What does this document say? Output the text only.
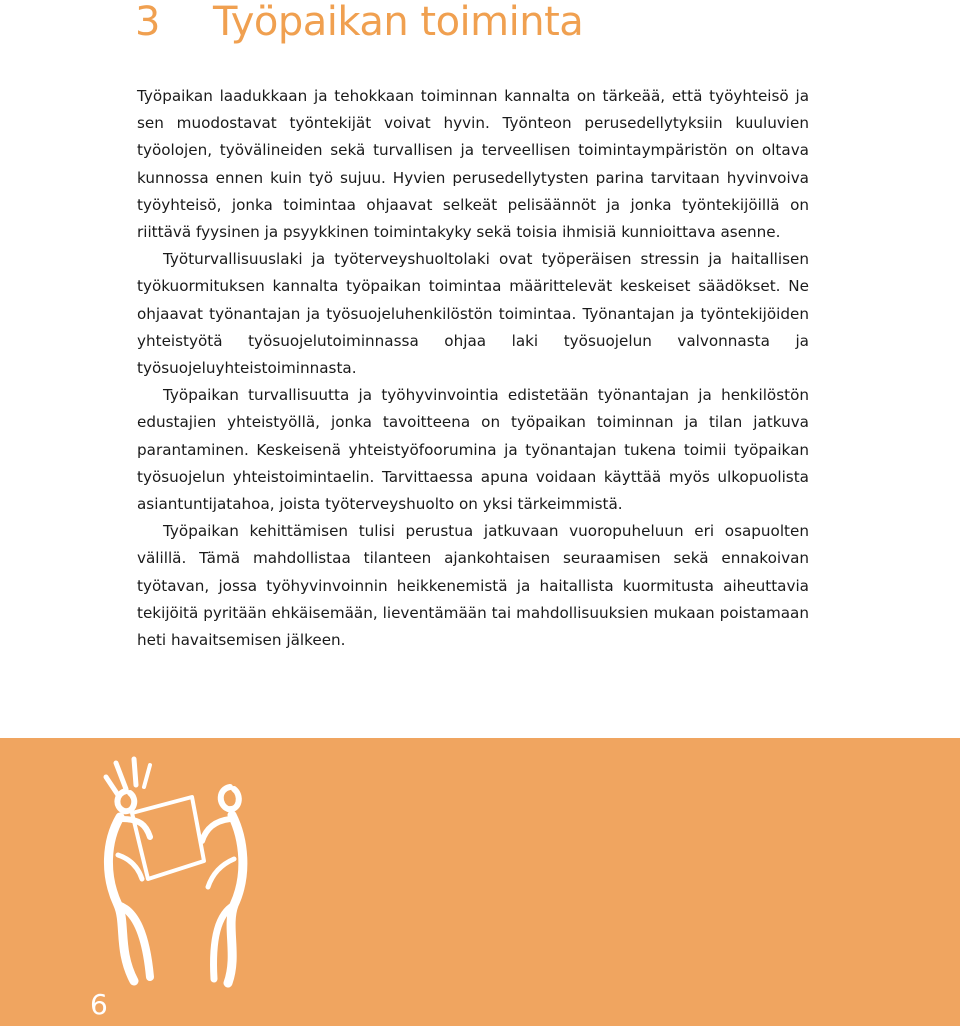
3 Työpaikan toiminta

Työpaikan laadukkaan ja tehokkaan toiminnan kannalta on tärkeää, että työyhteisö ja sen muodostavat työntekijät voivat hyvin. Työnteon perusedellytyksiin kuuluvien työolojen, työvälineiden sekä turvallisen ja terveellisen toimintaympäristön on oltava kunnossa ennen kuin työ sujuu. Hyvien perusedellytysten parina tarvitaan hyvinvoiva työyhteisö, jonka toimintaa ohjaavat selkeät pelisäännöt ja jonka työntekijöillä on riittävä fyysinen ja psyykkinen toimintakyky sekä toisia ihmisiä kunnioittava asenne.

Työturvallisuuslaki ja työterveyshuoltolaki ovat työperäisen stressin ja haitallisen työkuormituksen kannalta työpaikan toimintaa määrittelevät keskeiset säädökset. Ne ohjaavat työnantajan ja työsuojeluhenkilöstön toimintaa. Työnantajan ja työntekijöiden yhteistyötä työsuojelutoiminnassa ohjaa laki työsuojelun valvonnasta ja työsuojeluyhteistoiminnasta.

Työpaikan turvallisuutta ja työhyvinvointia edistetään työnantajan ja henkilöstön edustajien yhteistyöllä, jonka tavoitteena on työpaikan toiminnan ja tilan jatkuva parantaminen. Keskeisenä yhteistyöfoorumina ja työnantajan tukena toimii työpaikan työsuojelun yhteistoimintaelin. Tarvittaessa apuna voidaan käyttää myös ulkopuolista asiantuntijatahoa, joista työterveyshuolto on yksi tärkeimmistä.

Työpaikan kehittämisen tulisi perustua jatkuvaan vuoropuheluun eri osapuolten välillä. Tämä mahdollistaa tilanteen ajankohtaisen seuraamisen sekä ennakoivan työtavan, jossa työhyvinvoinnin heikkenemistä ja haitallista kuormitusta aiheuttavia tekijöitä pyritään ehkäisemään, lieventämään tai mahdollisuuksien mukaan poistamaan heti havaitsemisen jälkeen.

6
